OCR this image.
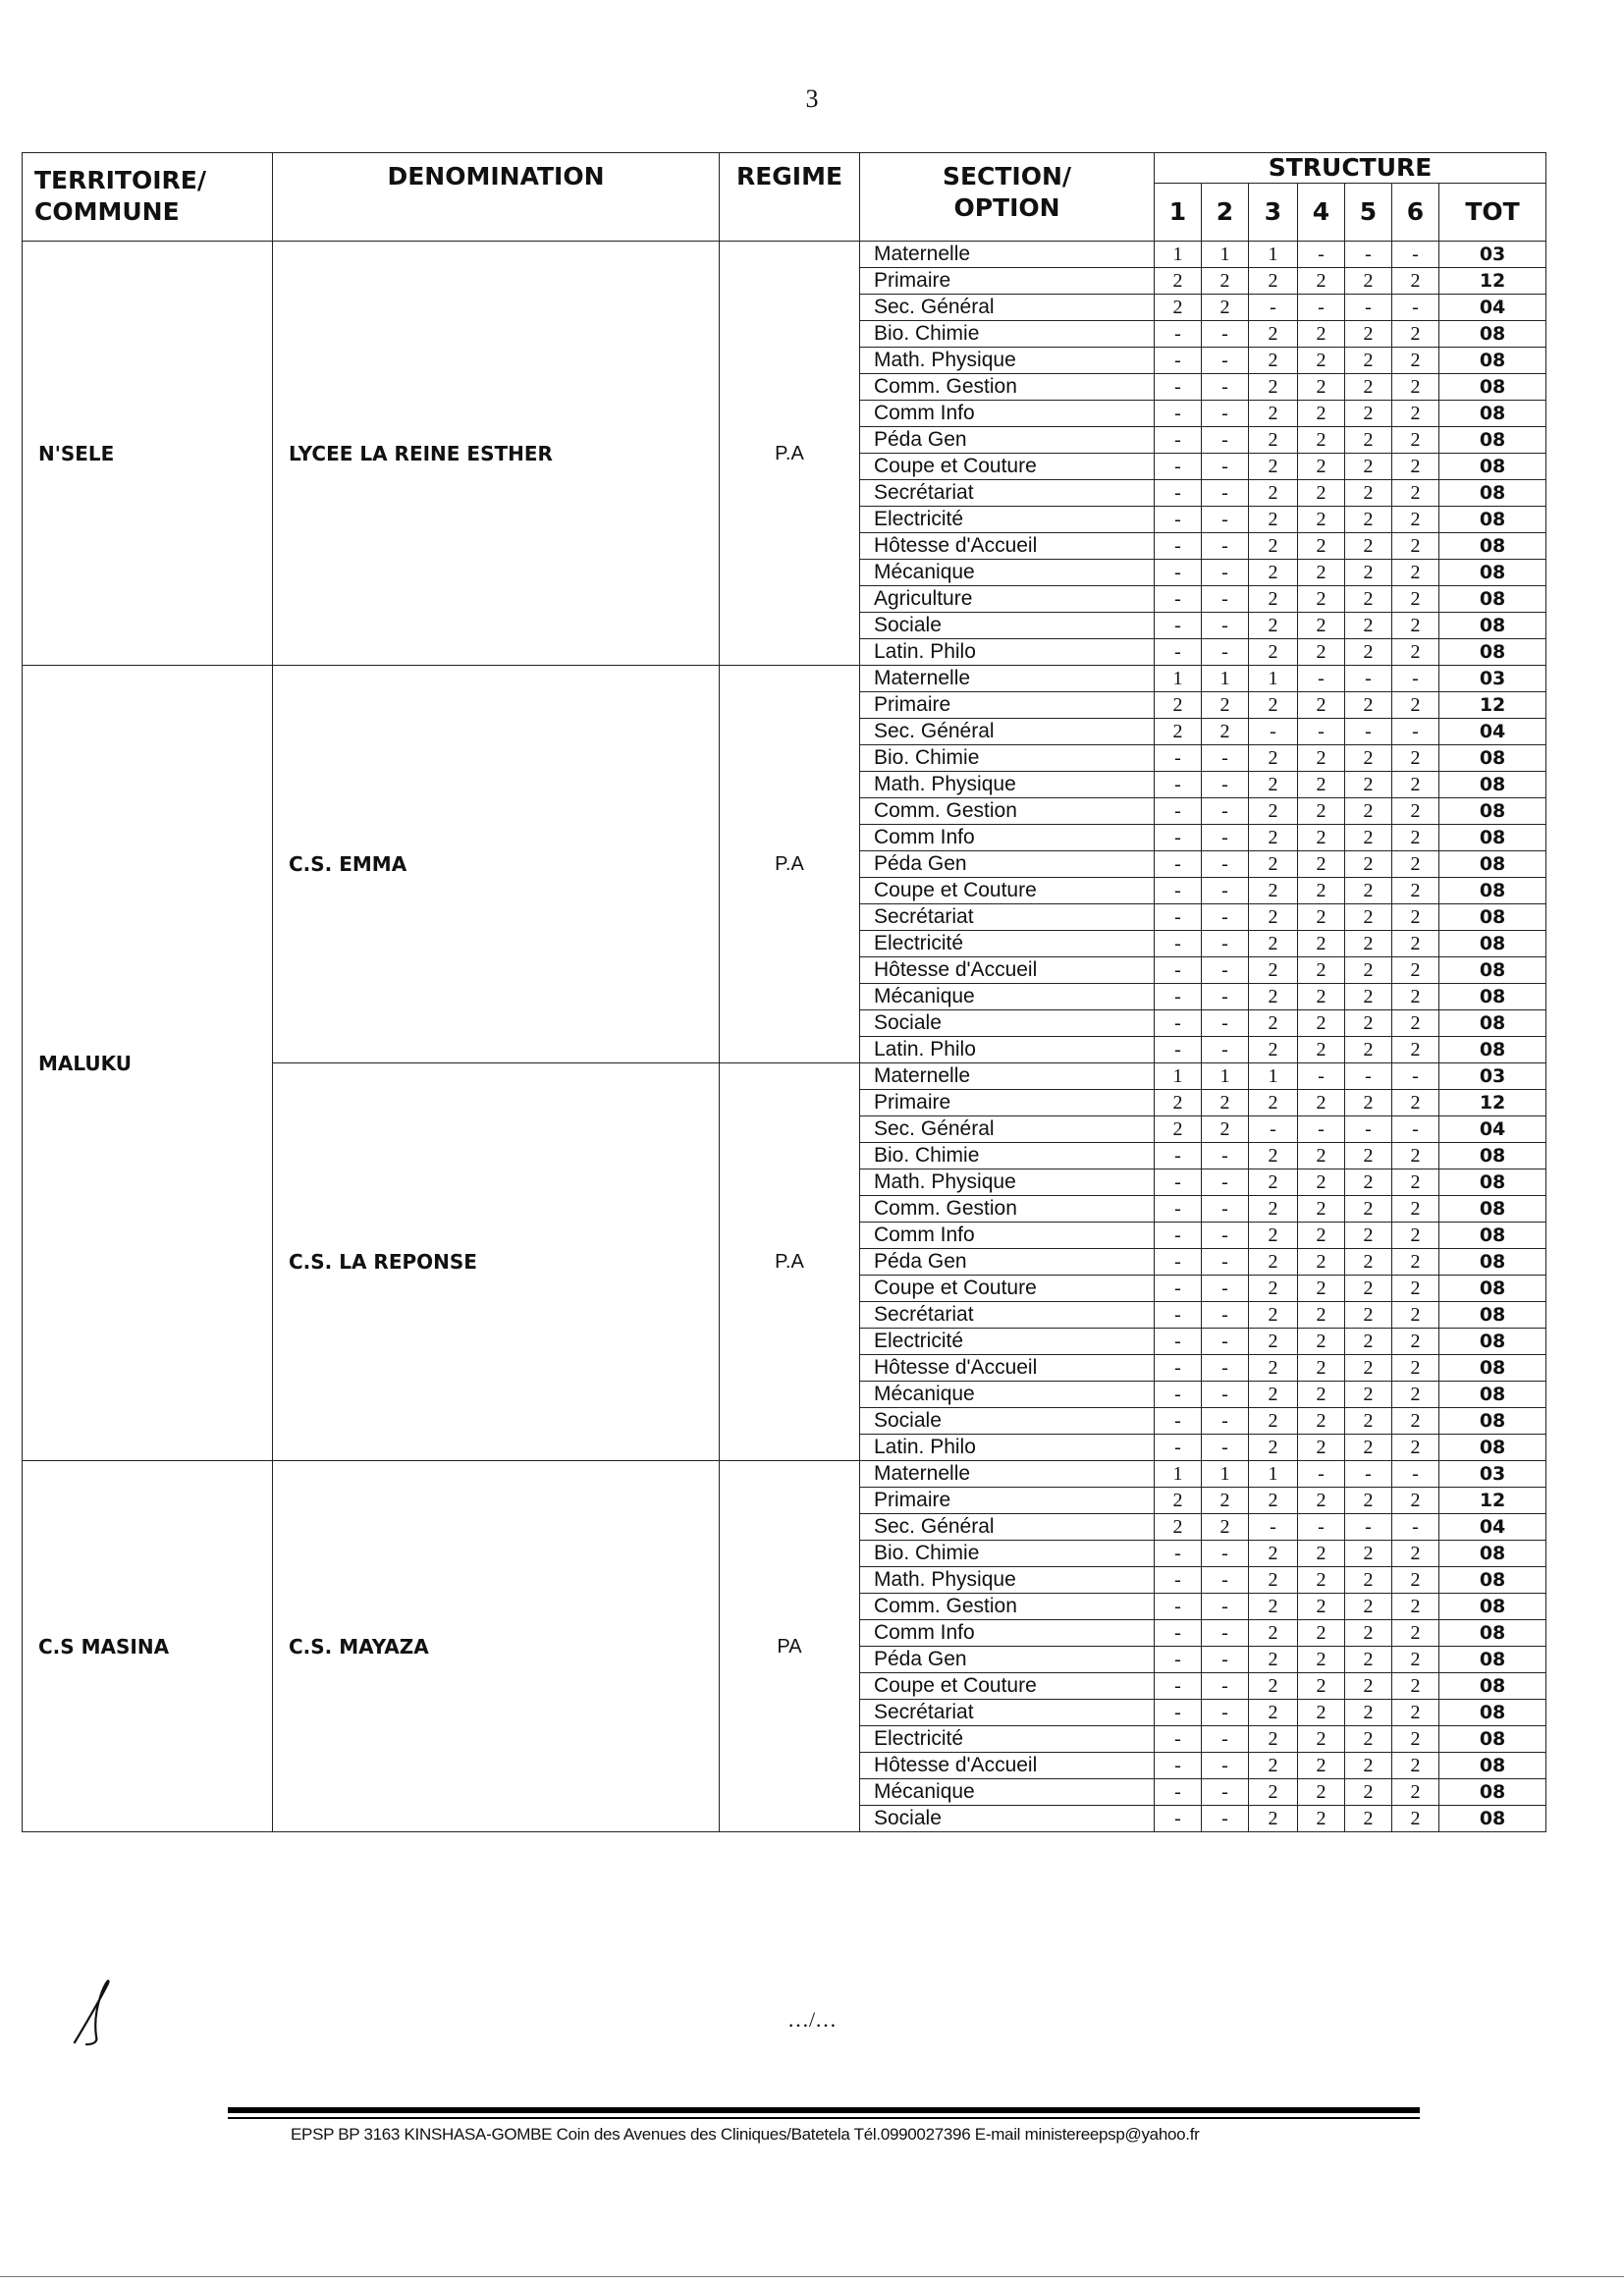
3
TERRITOIRE/ COMMUNE	DENOMINATION	REGIME	SECTION/ OPTION	STRUCTURE						
				1	2	3	4	5	6	TOT
N'SELE	LYCEE LA REINE ESTHER	P.A	Maternelle	1	1	1	-	-	-	03
			Primaire	2	2	2	2	2	2	12
			Sec. Général	2	2	-	-	-	-	04
			Bio. Chimie	-	-	2	2	2	2	08
			Math. Physique	-	-	2	2	2	2	08
			Comm. Gestion	-	-	2	2	2	2	08
			Comm Info	-	-	2	2	2	2	08
			Péda Gen	-	-	2	2	2	2	08
			Coupe et Couture	-	-	2	2	2	2	08
			Secrétariat	-	-	2	2	2	2	08
			Electricité	-	-	2	2	2	2	08
			Hôtesse d'Accueil	-	-	2	2	2	2	08
			Mécanique	-	-	2	2	2	2	08
			Agriculture	-	-	2	2	2	2	08
			Sociale	-	-	2	2	2	2	08
			Latin. Philo	-	-	2	2	2	2	08
MALUKU	C.S. EMMA	P.A	Maternelle	1	1	1	-	-	-	03
			Primaire	2	2	2	2	2	2	12
			Sec. Général	2	2	-	-	-	-	04
			Bio. Chimie	-	-	2	2	2	2	08
			Math. Physique	-	-	2	2	2	2	08
			Comm. Gestion	-	-	2	2	2	2	08
			Comm Info	-	-	2	2	2	2	08
			Péda Gen	-	-	2	2	2	2	08
			Coupe et Couture	-	-	2	2	2	2	08
			Secrétariat	-	-	2	2	2	2	08
			Electricité	-	-	2	2	2	2	08
			Hôtesse d'Accueil	-	-	2	2	2	2	08
			Mécanique	-	-	2	2	2	2	08
			Sociale	-	-	2	2	2	2	08
			Latin. Philo	-	-	2	2	2	2	08
	C.S. LA REPONSE	P.A	Maternelle	1	1	1	-	-	-	03
			Primaire	2	2	2	2	2	2	12
			Sec. Général	2	2	-	-	-	-	04
			Bio. Chimie	-	-	2	2	2	2	08
			Math. Physique	-	-	2	2	2	2	08
			Comm. Gestion	-	-	2	2	2	2	08
			Comm Info	-	-	2	2	2	2	08
			Péda Gen	-	-	2	2	2	2	08
			Coupe et Couture	-	-	2	2	2	2	08
			Secrétariat	-	-	2	2	2	2	08
			Electricité	-	-	2	2	2	2	08
			Hôtesse d'Accueil	-	-	2	2	2	2	08
			Mécanique	-	-	2	2	2	2	08
			Sociale	-	-	2	2	2	2	08
			Latin. Philo	-	-	2	2	2	2	08
C.S MASINA	C.S. MAYAZA	PA	Maternelle	1	1	1	-	-	-	03
			Primaire	2	2	2	2	2	2	12
			Sec. Général	2	2	-	-	-	-	04
			Bio. Chimie	-	-	2	2	2	2	08
			Math. Physique	-	-	2	2	2	2	08
			Comm. Gestion	-	-	2	2	2	2	08
			Comm Info	-	-	2	2	2	2	08
			Péda Gen	-	-	2	2	2	2	08
			Coupe et Couture	-	-	2	2	2	2	08
			Secrétariat	-	-	2	2	2	2	08
			Electricité	-	-	2	2	2	2	08
			Hôtesse d'Accueil	-	-	2	2	2	2	08
			Mécanique	-	-	2	2	2	2	08
			Sociale	-	-	2	2	2	2	08
…/…
EPSP BP 3163 KINSHASA-GOMBE Coin des Avenues des Cliniques/Batetela Tél.0990027396 E-mail ministereepsp@yahoo.fr
